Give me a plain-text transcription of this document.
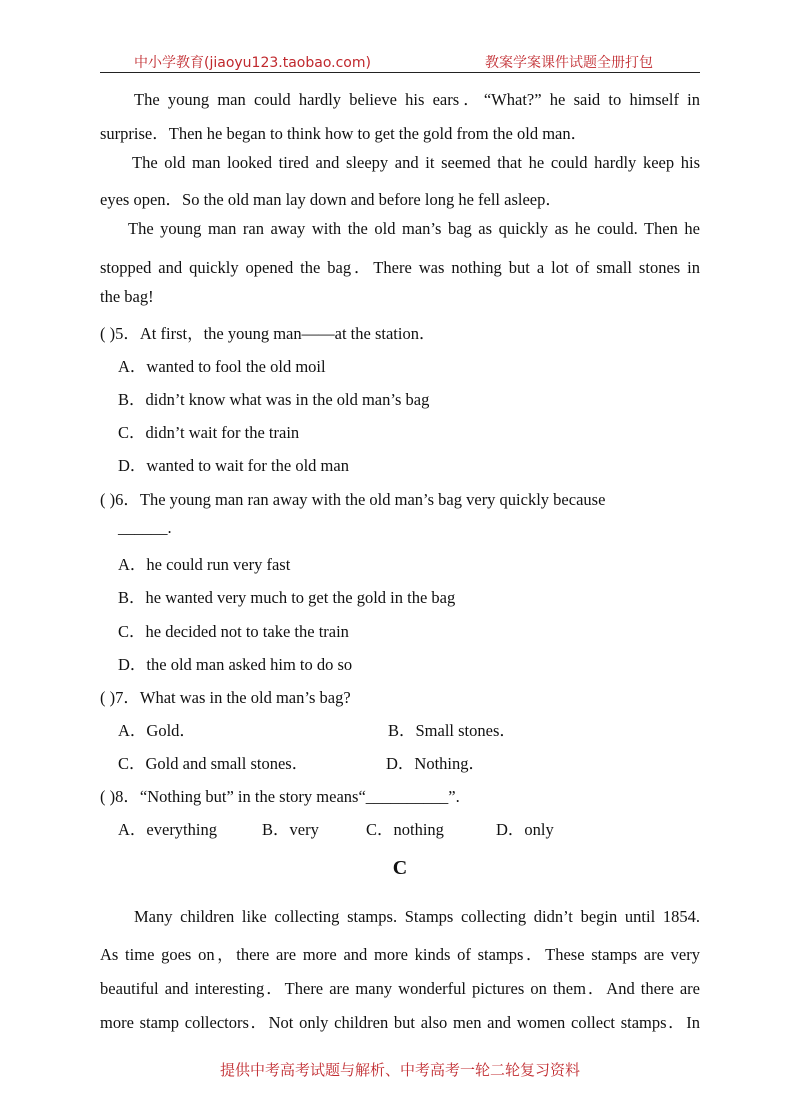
中小学教育(jiaoyu123.taobao.com)	教案学案课件试题全册打包
The young man could hardly believe his ears．“What?” he said to himself in
surprise．Then he began to think how to get the gold from the old man．
The old man looked tired and sleepy and it seemed that he could hardly keep his
eyes open．So the old man lay down and before long he fell asleep．
The young man ran away with the old man’s bag as quickly as he could. Then he
stopped and quickly opened the bag．There was nothing but a lot of small stones in
the bag!
( )5．At first，the young man——at the station．
A．wanted to fool the old moil
B．didn’t know what was in the old man’s bag
C．didn’t wait for the train
D．wanted to wait for the old man
( )6．The young man ran away with the old man’s bag very quickly because
______.
A．he could run very fast
B．he wanted very much to get the gold in the bag
C．he decided not to take the train
D．the old man asked him to do so
( )7．What was in the old man’s bag?
A．Gold．	B．Small stones．
C．Gold and small stones．	D．Nothing．
( )8．“Nothing but” in the story means“__________”.
A．everything	B．very	C．nothing	D．only
C
Many children like collecting stamps. Stamps collecting didn’t begin until 1854.
As time goes on，there are more and more kinds of stamps．These stamps are very
beautiful and interesting．There are many wonderful pictures on them．And there are
more stamp collectors．Not only children but also men and women collect stamps．In
提供中考高考试题与解析、中考高考一轮二轮复习资料
